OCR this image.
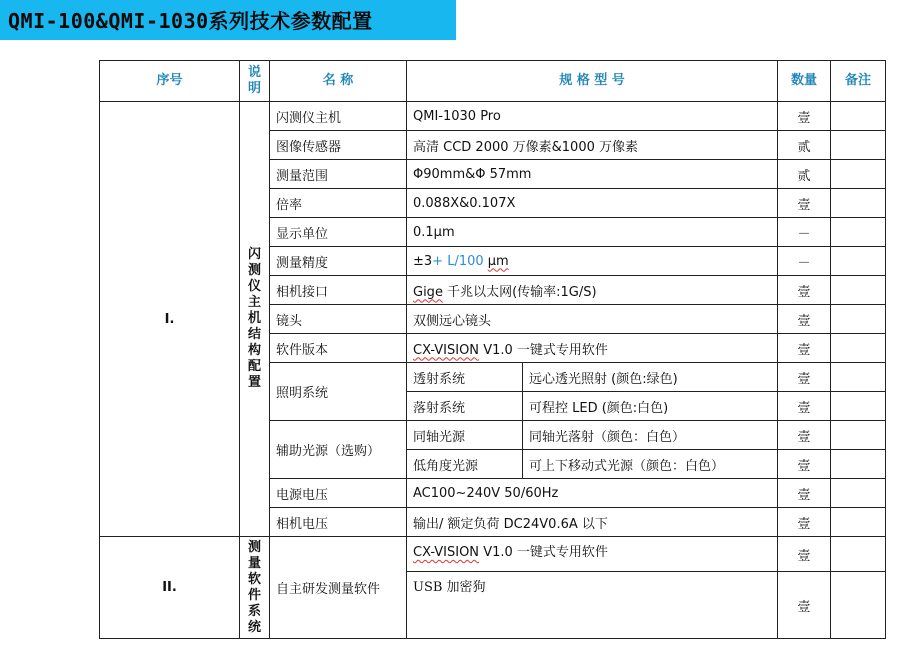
QMI-100&QMI-1030系列技术参数配置
序号	说明	名 称	规 格 型 号		数量	备注
I.	闪测仪主机结构配置	闪测仪主机	QMI-1030 Pro		壹	
		图像传感器	高清 CCD 2000 万像素&1000 万像素		贰	
		测量范围	Φ90mm&Φ 57mm		贰	
		倍率	0.088X&0.107X		壹	
		显示单位	0.1μm		－	
		测量精度	±3+ L/100 μm		－	
		相机接口	Gige 千兆以太网(传输率:1G/S)		壹	
		镜头	双侧远心镜头		壹	
		软件版本	CX-VISION V1.0 一键式专用软件		壹	
		照明系统	透射系统	远心透光照射 (颜色:绿色)	壹	
			落射系统	可程控 LED (颜色:白色)	壹	
		辅助光源（选购）	同轴光源	同轴光落射（颜色：白色）	壹	
			低角度光源	可上下移动式光源（颜色：白色）	壹	
		电源电压	AC100~240V 50/60Hz		壹	
		相机电压	输出/ 额定负荷 DC24V0.6A 以下		壹	
II.	测量软件系统	自主研发测量软件	CX-VISION V1.0 一键式专用软件		壹	
			USB 加密狗		壹	
